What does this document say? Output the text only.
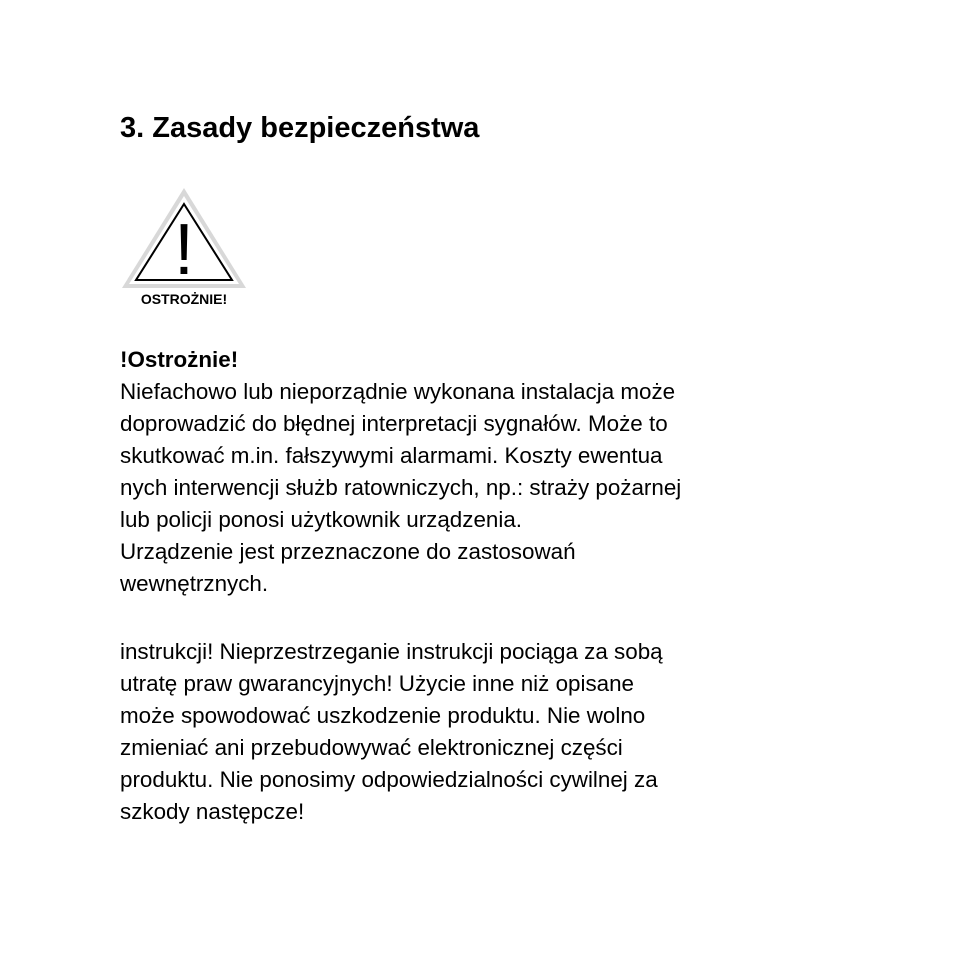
3. Zasady bezpieczeństwa
!
OSTROŻNIE!
!Ostrożnie!
Niefachowo lub nieporządnie wykonana instalacja może
doprowadzić do błędnej interpretacji sygnałów. Może to
skutkować m.in. fałszywymi alarmami. Koszty ewentua
nych interwencji służb ratowniczych, np.: straży pożarnej
lub policji ponosi użytkownik urządzenia.
Urządzenie jest przeznaczone do zastosowań
wewnętrznych.
instrukcji! Nieprzestrzeganie instrukcji pociąga za sobą
utratę praw gwarancyjnych! Użycie inne niż opisane
może spowodować uszkodzenie produktu. Nie wolno
zmieniać ani przebudowywać elektronicznej części
produktu. Nie ponosimy odpowiedzialności cywilnej za
szkody następcze!
